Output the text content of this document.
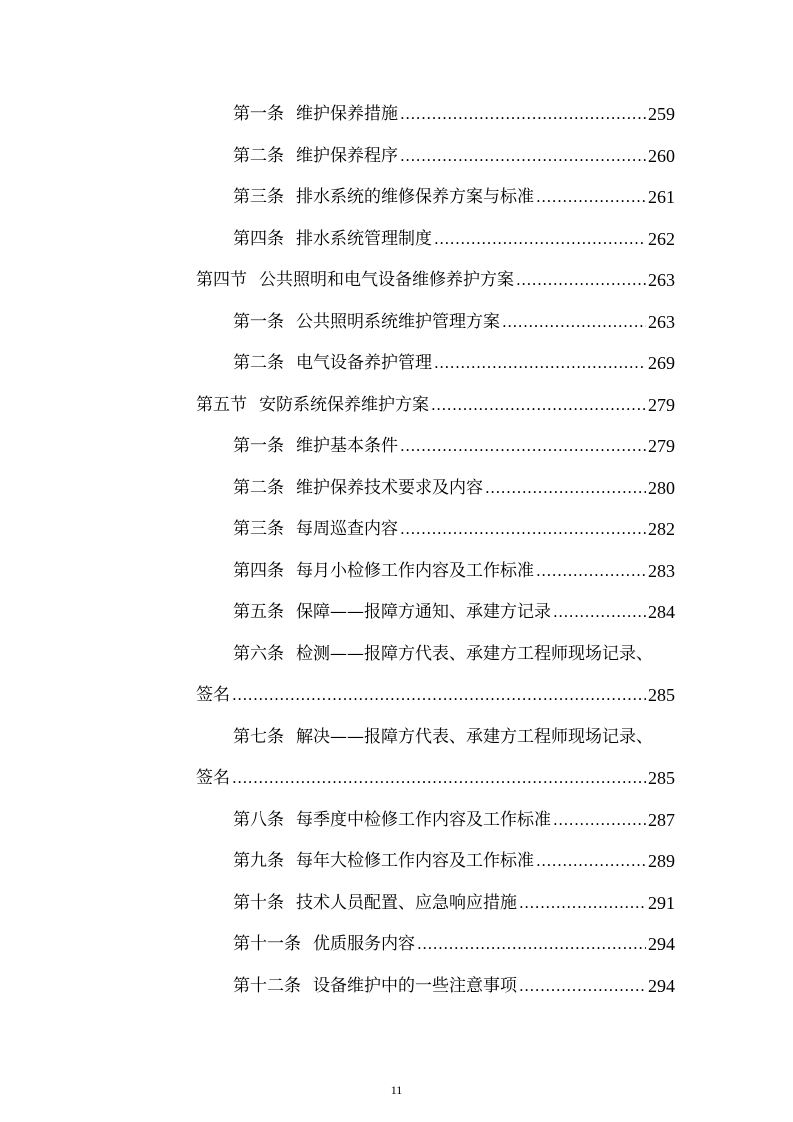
第一条 维护保养措施 .....	259
第二条 维护保养程序 .....	260
第三条 排水系统的维修保养方案与标准 .....	261
第四条 排水系统管理制度 .....	262
第四节 公共照明和电气设备维修养护方案 .....	263
第一条 公共照明系统维护管理方案 .....	263
第二条 电气设备养护管理 .....	269
第五节 安防系统保养维护方案 .....	279
第一条 维护基本条件 .....	279
第二条 维护保养技术要求及内容 .....	280
第三条 每周巡查内容 .....	282
第四条 每月小检修工作内容及工作标准 .....	283
第五条 保障——报障方通知、承建方记录 .....	284
第六条 检测——报障方代表、承建方工程师现场记录、
签名 .....	285
第七条 解决——报障方代表、承建方工程师现场记录、
签名 .....	285
第八条 每季度中检修工作内容及工作标准 .....	287
第九条 每年大检修工作内容及工作标准 .....	289
第十条 技术人员配置、应急响应措施 .....	291
第十一条 优质服务内容 .....	294
第十二条 设备维护中的一些注意事项 .....	294
11
